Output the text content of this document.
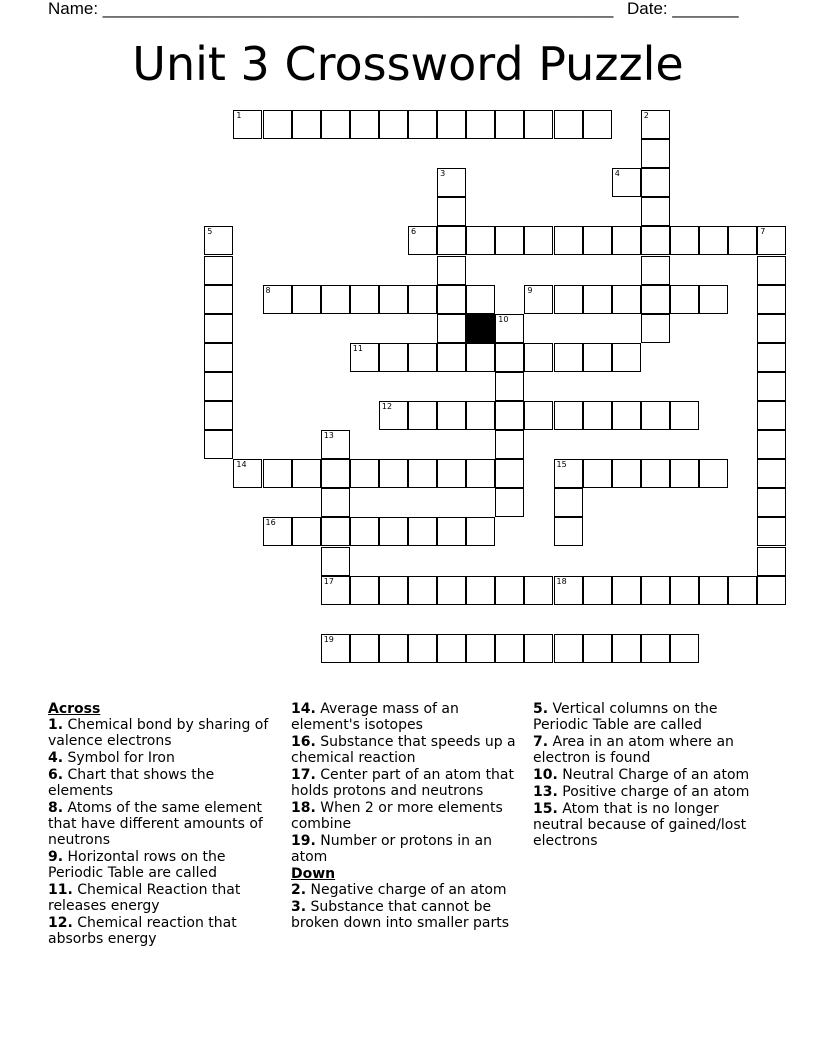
Name: ______________________________________________________ Date: _______
Unit 3 Crossword Puzzle
1	2
3	4
5	6	7
8	9
10
11
12
13
14	15
16
17	18
19
Across
1. Chemical bond by sharing of valence electrons
4. Symbol for Iron
6. Chart that shows the elements
8. Atoms of the same element that have different amounts of neutrons
9. Horizontal rows on the Periodic Table are called
11. Chemical Reaction that releases energy
12. Chemical reaction that absorbs energy
14. Average mass of an element's isotopes
16. Substance that speeds up a chemical reaction
17. Center part of an atom that holds protons and neutrons
18. When 2 or more elements combine
19. Number or protons in an atom
Down
2. Negative charge of an atom
3. Substance that cannot be broken down into smaller parts
5. Vertical columns on the Periodic Table are called
7. Area in an atom where an electron is found
10. Neutral Charge of an atom
13. Positive charge of an atom
15. Atom that is no longer neutral because of gained/lost electrons
